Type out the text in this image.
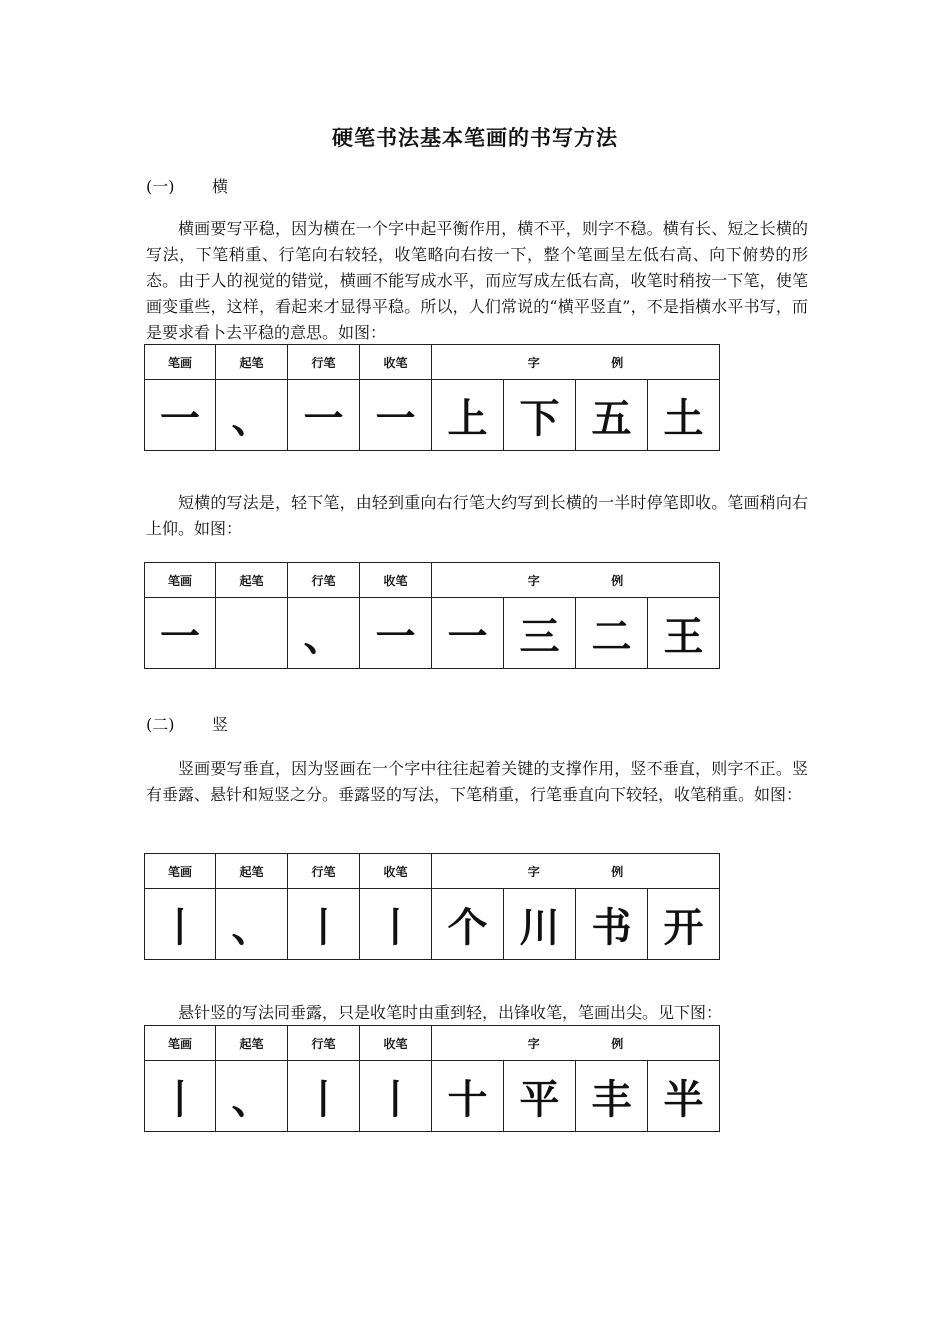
硬笔书法基本笔画的书写方法
(一) 横

横画要写平稳，因为横在一个字中起平衡作用，横不平，则字不稳。横有长、短之长横的写法，下笔稍重、行笔向右较轻，收笔略向右按一下，整个笔画呈左低右高、向下俯势的形态。由于人的视觉的错觉，横画不能写成水平，而应写成左低右高，收笔时稍按一下笔，使笔画变重些，这样，看起来才显得平稳。所以，人们常说的“横平竖直”，不是指横水平书写，而是要求看卜去平稳的意思。如图：

笔画	起笔	行笔	收笔	字 例			

一	、	一	一	上	下	五	土

短横的写法是，轻下笔，由轻到重向右行笔大约写到长横的一半时停笔即收。笔画稍向右上仰。如图：

笔画	起笔	行笔	收笔	字 例			

一		、	一	一	三	二	王
(二) 竖

竖画要写垂直，因为竖画在一个字中往往起着关键的支撑作用，竖不垂直，则字不正。竖有垂露、悬针和短竖之分。垂露竖的写法，下笔稍重，行笔垂直向下较轻，收笔稍重。如图：

笔画	起笔	行笔	收笔	字 例			

丨	、	丨	丨	个	川	书	开

悬针竖的写法同垂露，只是收笔时由重到轻，出锋收笔，笔画出尖。见下图：

笔画	起笔	行笔	收笔	字 例			

丨	、	丨	丨	十	平	丰	半
